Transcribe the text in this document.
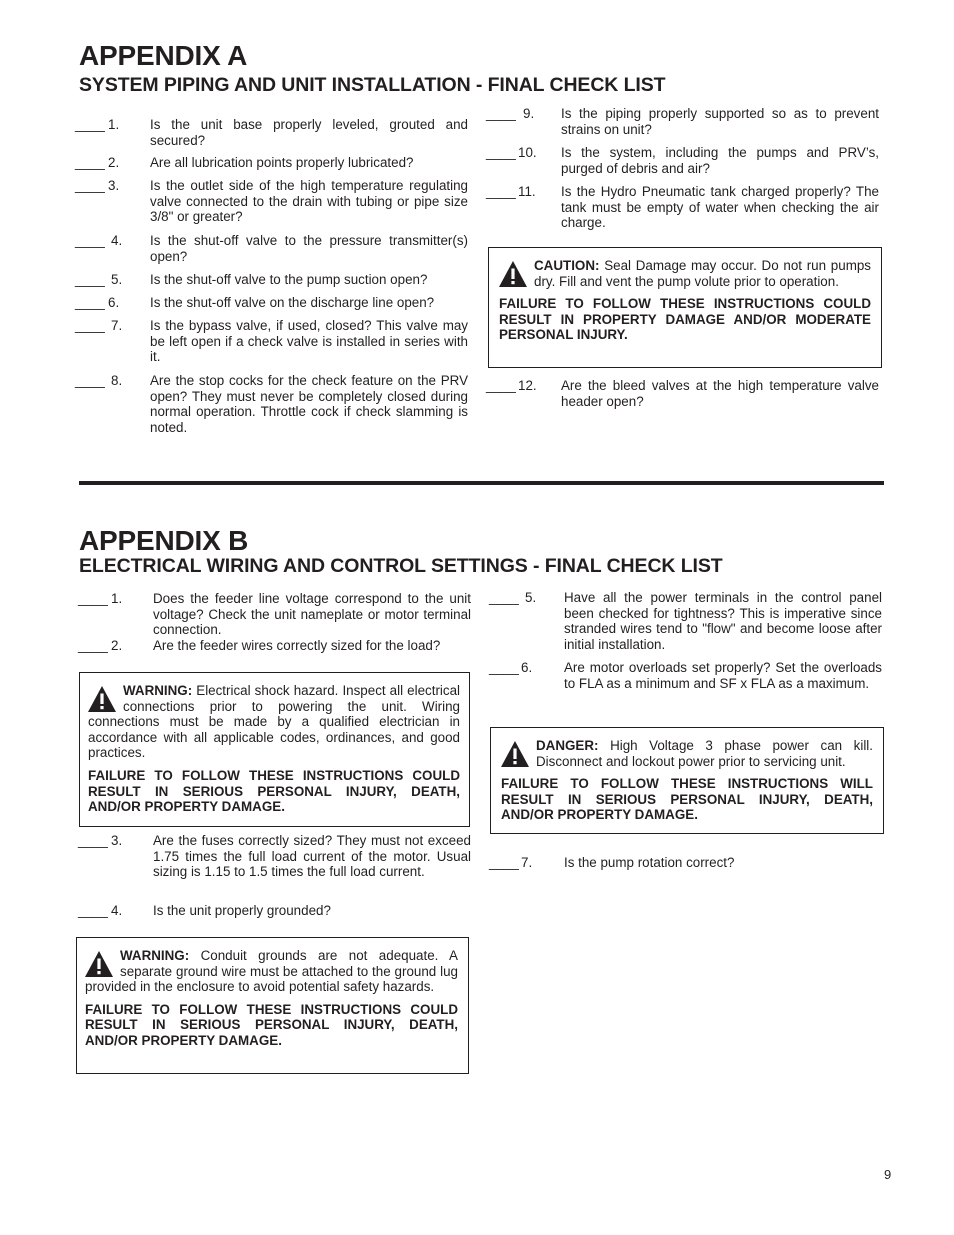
APPENDIX A
SYSTEM PIPING AND UNIT INSTALLATION - FINAL CHECK LIST
____ 1. Is the unit base properly leveled, grouted and secured?
____ 2. Are all lubrication points properly lubricated?
____ 3. Is the outlet side of the high temperature regulating valve connected to the drain with tubing or pipe size 3/8" or greater?
____ 4. Is the shut-off valve to the pressure transmitter(s) open?
____ 5. Is the shut-off valve to the pump suction open?
____ 6. Is the shut-off valve on the discharge line open?
____ 7. Is the bypass valve, if used, closed? This valve may be left open if a check valve is installed in series with it.
____ 8. Are the stop cocks for the check feature on the PRV open? They must never be completely closed during normal operation. Throttle cock if check slamming is noted.
____ 9. Is the piping properly supported so as to prevent strains on unit?
____ 10. Is the system, including the pumps and PRV’s, purged of debris and air?
____ 11. Is the Hydro Pneumatic tank charged properly? The tank must be empty of water when checking the air charge.

CAUTION: Seal Damage may occur. Do not run pumps dry. Fill and vent the pump volute prior to operation.

FAILURE TO FOLLOW THESE INSTRUCTIONS COULD RESULT IN PROPERTY DAMAGE AND/OR MODERATE PERSONAL INJURY.

____ 12. Are the bleed valves at the high temperature valve header open?
APPENDIX B
ELECTRICAL WIRING AND CONTROL SETTINGS - FINAL CHECK LIST
____ 1. Does the feeder line voltage correspond to the unit voltage? Check the unit nameplate or motor terminal connection.
____ 2. Are the feeder wires correctly sized for the load?

WARNING: Electrical shock hazard. Inspect all electrical connections prior to powering the unit. Wiring connections must be made by a qualified electrician in accordance with all applicable codes, ordinances, and good practices.

FAILURE TO FOLLOW THESE INSTRUCTIONS COULD RESULT IN SERIOUS PERSONAL INJURY, DEATH, AND/OR PROPERTY DAMAGE.

____ 3. Are the fuses correctly sized? They must not exceed 1.75 times the full load current of the motor. Usual sizing is 1.15 to 1.5 times the full load current.
____ 4. Is the unit properly grounded?

WARNING: Conduit grounds are not adequate. A separate ground wire must be attached to the ground lug provided in the enclosure to avoid potential safety hazards.

FAILURE TO FOLLOW THESE INSTRUCTIONS COULD RESULT IN SERIOUS PERSONAL INJURY, DEATH, AND/OR PROPERTY DAMAGE.

____ 5. Have all the power terminals in the control panel been checked for tightness? This is imperative since stranded wires tend to "flow" and become loose after initial installation.
____ 6. Are motor overloads set properly? Set the overloads to FLA as a minimum and SF x FLA as a maximum.

DANGER: High Voltage 3 phase power can kill. Disconnect and lockout power prior to servicing unit.

FAILURE TO FOLLOW THESE INSTRUCTIONS WILL RESULT IN SERIOUS PERSONAL INJURY, DEATH, AND/OR PROPERTY DAMAGE.

____ 7. Is the pump rotation correct?
9
